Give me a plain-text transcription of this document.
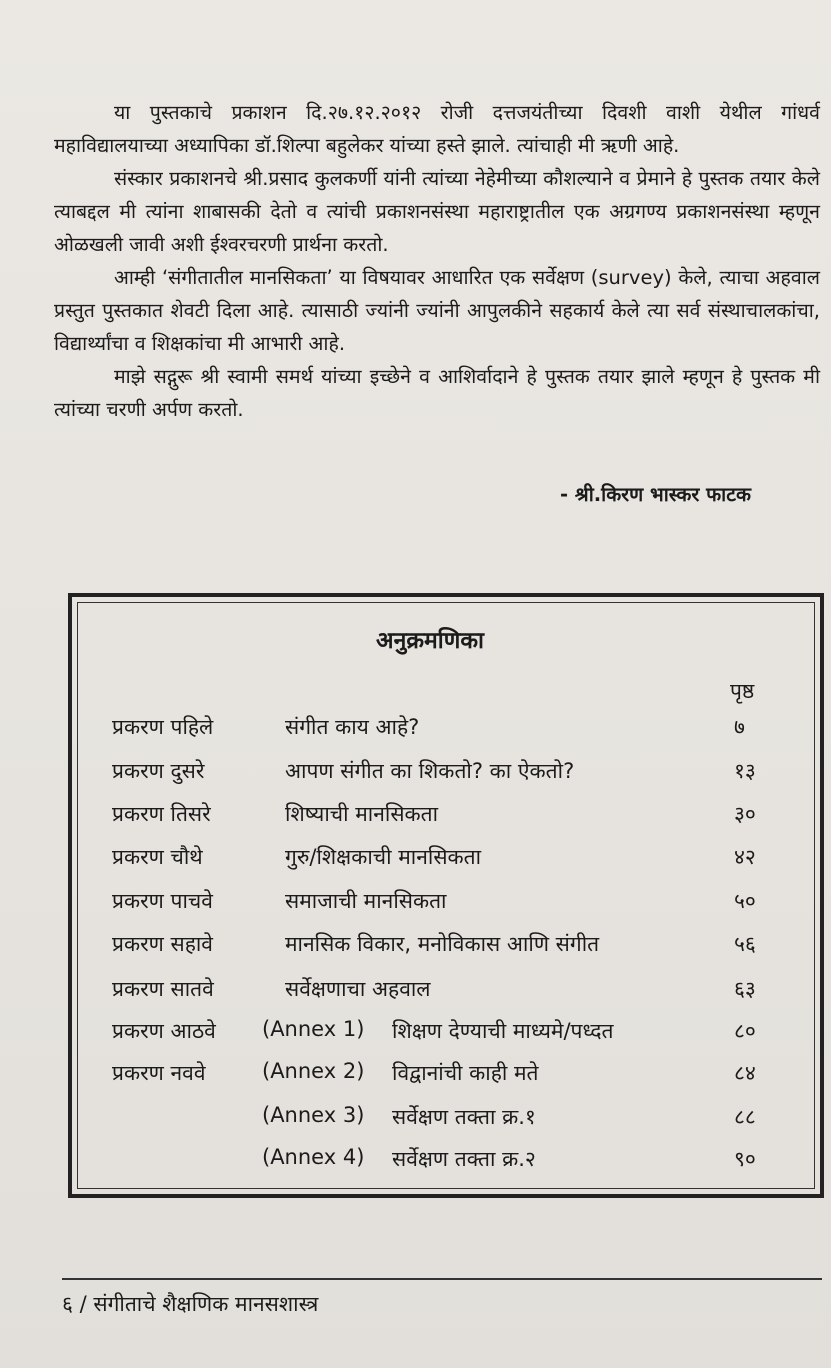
या पुस्तकाचे प्रकाशन दि.२७.१२.२०१२ रोजी दत्तजयंतीच्या दिवशी वाशी येथील गांधर्व महाविद्यालयाच्या अध्यापिका डॉ.शिल्पा बहुलेकर यांच्या हस्ते झाले. त्यांचाही मी ऋणी आहे.

संस्कार प्रकाशनचे श्री.प्रसाद कुलकर्णी यांनी त्यांच्या नेहेमीच्या कौशल्याने व प्रेमाने हे पुस्तक तयार केले त्याबद्दल मी त्यांना शाबासकी देतो व त्यांची प्रकाशनसंस्था महाराष्ट्रातील एक अग्रगण्य प्रकाशनसंस्था म्हणून ओळखली जावी अशी ईश्वरचरणी प्रार्थना करतो.

आम्ही ‘संगीतातील मानसिकता’ या विषयावर आधारित एक सर्वेक्षण (survey) केले, त्याचा अहवाल प्रस्तुत पुस्तकात शेवटी दिला आहे. त्यासाठी ज्यांनी ज्यांनी आपुलकीने सहकार्य केले त्या सर्व संस्थाचालकांचा, विद्यार्थ्यांचा व शिक्षकांचा मी आभारी आहे.

माझे सद्गुरू श्री स्वामी समर्थ यांच्या इच्छेने व आशिर्वादाने हे पुस्तक तयार झाले म्हणून हे पुस्तक मी त्यांच्या चरणी अर्पण करतो.

- श्री.किरण भास्कर फाटक
अनुक्रमणिका
पृष्ठ
प्रकरण पहिले	संगीत काय आहे?	७
प्रकरण दुसरे	आपण संगीत का शिकतो? का ऐकतो?	१३
प्रकरण तिसरे	शिष्याची मानसिकता	३०
प्रकरण चौथे	गुरु/शिक्षकाची मानसिकता	४२
प्रकरण पाचवे	समाजाची मानसिकता	५०
प्रकरण सहावे	मानसिक विकार, मनोविकास आणि संगीत	५६
प्रकरण सातवे	सर्वेक्षणाचा अहवाल	६३
प्रकरण आठवे (Annex 1) शिक्षण देण्याची माध्यमे/पध्दत	८०
प्रकरण नववे	(Annex 2) विद्वानांची काही मते	८४
(Annex 3) सर्वेक्षण तक्ता क्र.१	८८
(Annex 4) सर्वेक्षण तक्ता क्र.२	९०
६ / संगीताचे शैक्षणिक मानसशास्त्र
